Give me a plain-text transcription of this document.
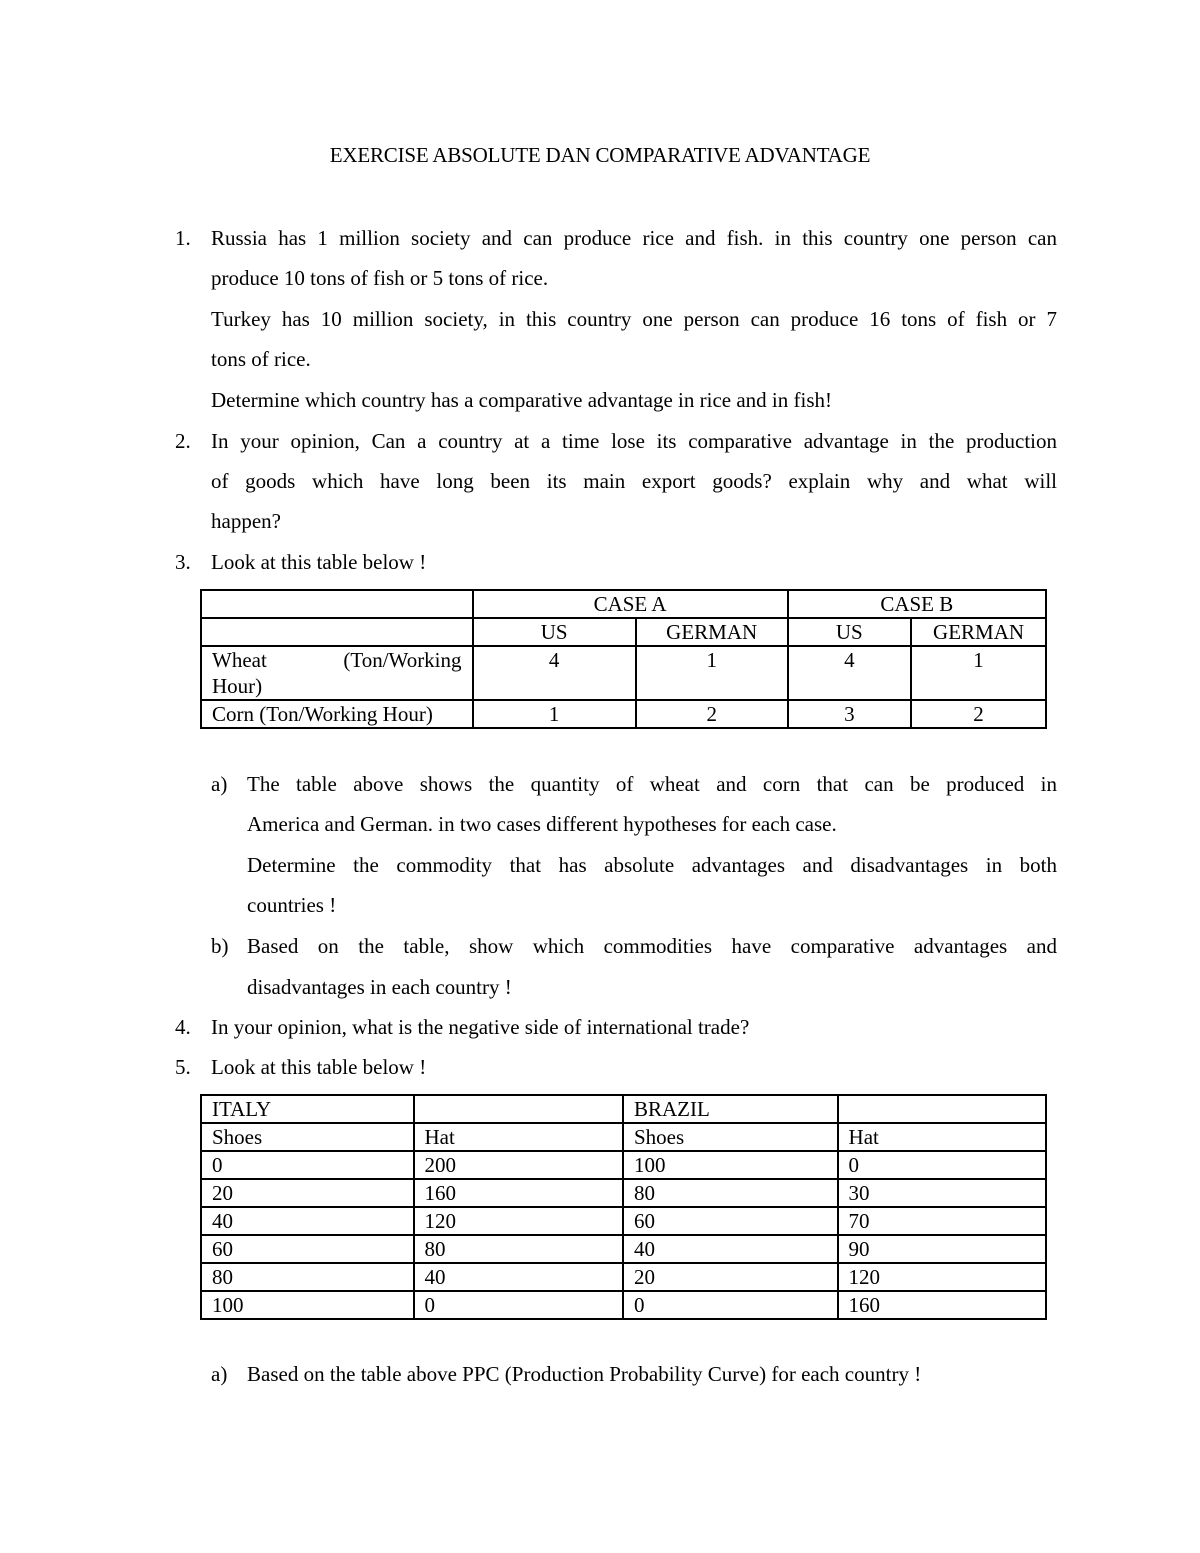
EXERCISE ABSOLUTE DAN COMPARATIVE ADVANTAGE
1. Russia has 1 million society and can produce rice and fish. in this country one person can
produce 10 tons of fish or 5 tons of rice.
Turkey has 10 million society, in this country one person can produce 16 tons of fish or 7
tons of rice.
Determine which country has a comparative advantage in rice and in fish!
2. In your opinion, Can a country at a time lose its comparative advantage in the production
of goods which have long been its main export goods? explain why and what will
happen?
3. Look at this table below !
	CASE A		CASE B	
	US	GERMAN	US	GERMAN

Wheat (Ton/Working
Hour)	4	1	4	1
Corn (Ton/Working Hour)	1	2	3	2
a) The table above shows the quantity of wheat and corn that can be produced in
America and German. in two cases different hypotheses for each case.
Determine the commodity that has absolute advantages and disadvantages in both
countries !
b) Based on the table, show which commodities have comparative advantages and
disadvantages in each country !
4. In your opinion, what is the negative side of international trade?
5. Look at this table below !
ITALY		BRAZIL	
Shoes	Hat	Shoes	Hat
0	200	100	0
20	160	80	30
40	120	60	70
60	80	40	90
80	40	20	120
100	0	0	160
a) Based on the table above PPC (Production Probability Curve) for each country !
